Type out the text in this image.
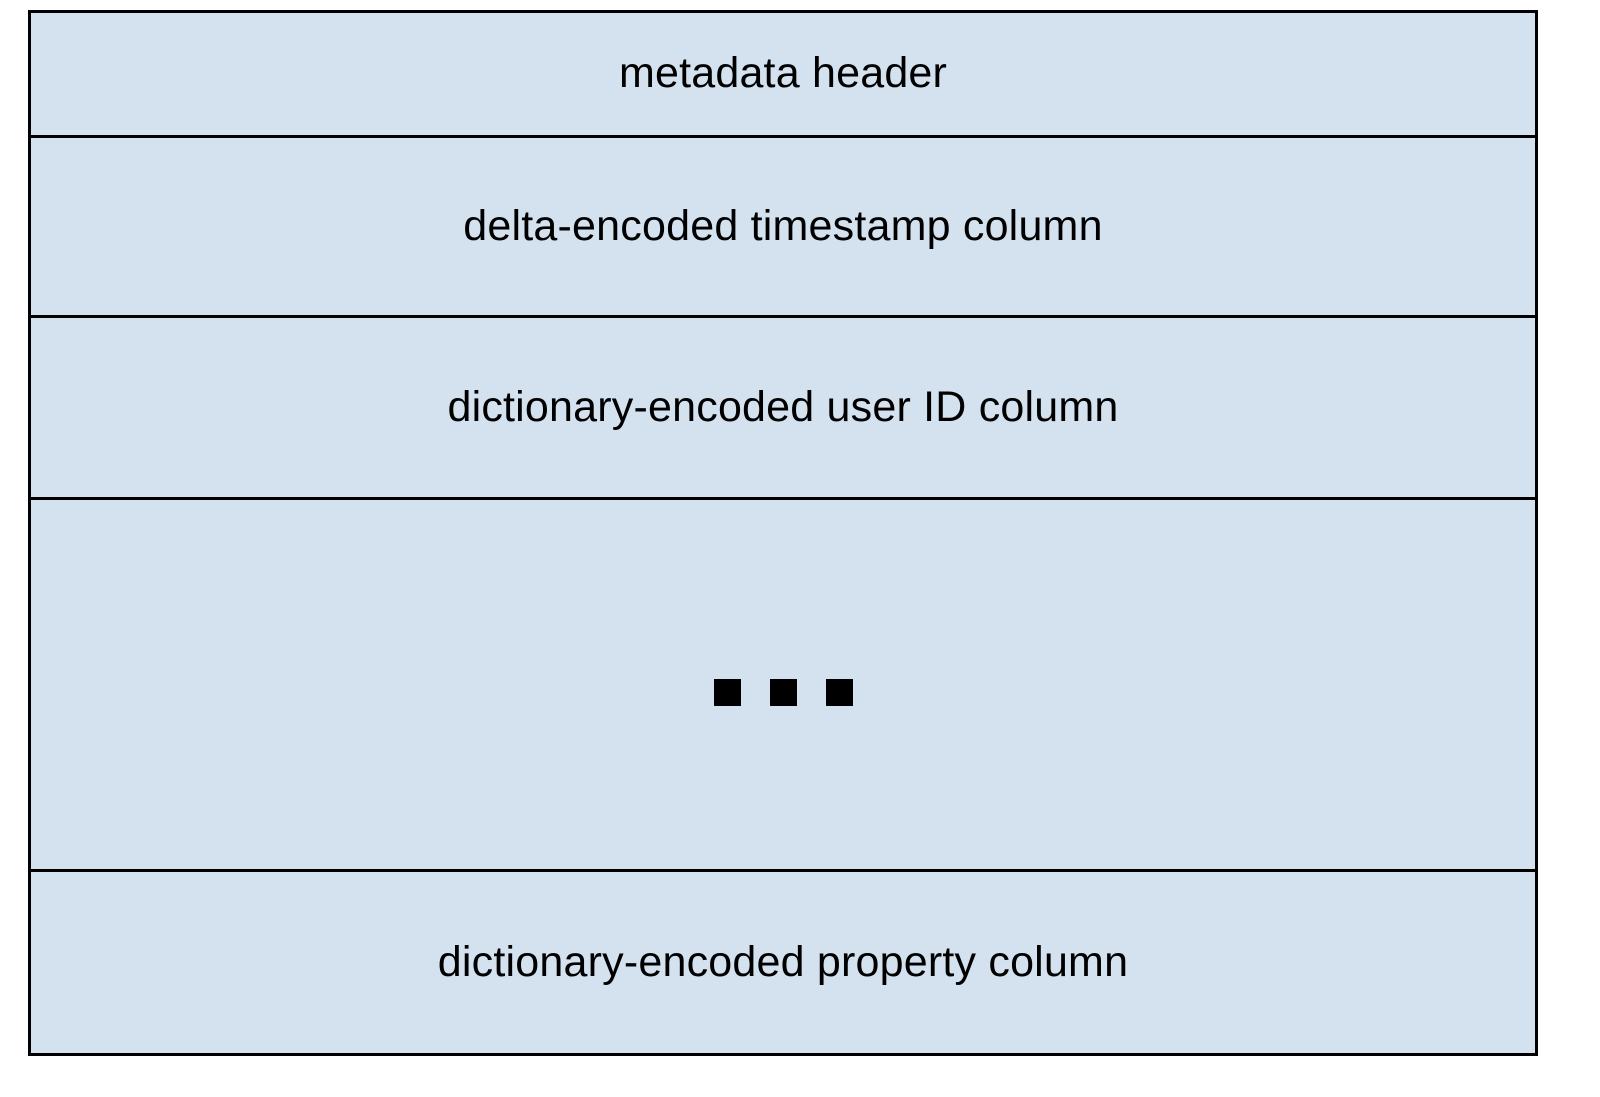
metadata header
delta-encoded timestamp column
dictionary-encoded user ID column
dictionary-encoded property column
